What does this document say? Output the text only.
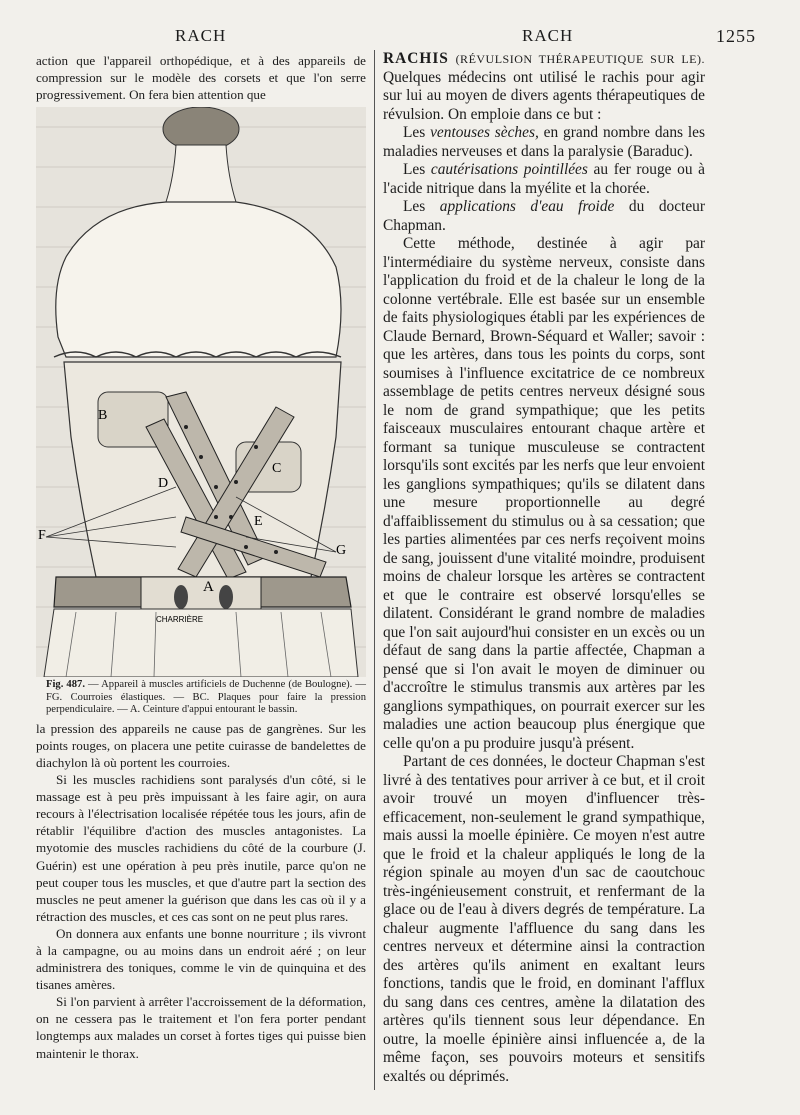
RACH	RACH	1255

action que l'appareil orthopédique, et à des appareils de compression sur le modèle des corsets et que l'on serre progressivement. On fera bien attention que

B
C
D
E
F
G
A
CHARRIÈRE
Fig. 487. — Appareil à muscles artificiels de Duchenne (de Boulogne). — FG. Courroies élastiques. — BC. Plaques pour faire la pression perpendiculaire. — A. Ceinture d'appui entourant le bassin.

la pression des appareils ne cause pas de gangrènes. Sur les points rouges, on placera une petite cuirasse de bandelettes de diachylon là où portent les courroies.

Si les muscles rachidiens sont paralysés d'un côté, si le massage est à peu près impuissant à les faire agir, on aura recours à l'électrisation localisée répétée tous les jours, afin de rétablir l'équilibre d'action des muscles antagonistes. La myotomie des muscles rachidiens du côté de la courbure (J. Guérin) est une opération à peu près inutile, parce qu'on ne peut couper tous les muscles, et que d'autre part la section des muscles ne peut amener la guérison que dans les cas où il y a rétraction des muscles, et ces cas sont on ne peut plus rares.

On donnera aux enfants une bonne nourriture ; ils vivront à la campagne, ou au moins dans un endroit aéré ; on leur administrera des toniques, comme le vin de quinquina et des tisanes amères.

Si l'on parvient à arrêter l'accroissement de la déformation, on ne cessera pas le traitement et l'on fera porter pendant longtemps aux malades un corset à fortes tiges qui puisse bien maintenir le thorax.

RACHIS (RÉVULSION THÉRAPEUTIQUE SUR LE). Quelques médecins ont utilisé le rachis pour agir sur lui au moyen de divers agents thérapeutiques de révulsion. On emploie dans ce but :

Les ventouses sèches, en grand nombre dans les maladies nerveuses et dans la paralysie (Baraduc).

Les cautérisations pointillées au fer rouge ou à l'acide nitrique dans la myélite et la chorée.

Les applications d'eau froide du docteur Chapman.

Cette méthode, destinée à agir par l'intermédiaire du système nerveux, consiste dans l'application du froid et de la chaleur le long de la colonne vertébrale. Elle est basée sur un ensemble de faits physiologiques établi par les expériences de Claude Bernard, Brown-Séquard et Waller; savoir : que les artères, dans tous les points du corps, sont soumises à l'influence excitatrice de ce nombreux assemblage de petits centres nerveux désigné sous le nom de grand sympathique; que les petits faisceaux musculaires entourant chaque artère et formant sa tunique musculeuse se contractent lorsqu'ils sont excités par les nerfs que leur envoient les ganglions sympathiques; qu'ils se dilatent dans une mesure proportionnelle au degré d'affaiblissement du stimulus ou à sa cessation; que les parties alimentées par ces nerfs reçoivent moins de sang, jouissent d'une vitalité moindre, produisent moins de chaleur lorsque les artères se contractent et que le contraire est observé lorsqu'elles se dilatent. Considérant le grand nombre de maladies que l'on sait aujourd'hui consister en un excès ou un défaut de sang dans la partie affectée, Chapman a pensé que si l'on avait le moyen de diminuer ou d'accroître le stimulus transmis aux artères par les ganglions sympathiques, on pourrait exercer sur les maladies une action beaucoup plus énergique que celle qu'on a pu produire jusqu'à présent.

Partant de ces données, le docteur Chapman s'est livré à des tentatives pour arriver à ce but, et il croit avoir trouvé un moyen d'influencer très-efficacement, non-seulement le grand sympathique, mais aussi la moelle épinière. Ce moyen n'est autre que le froid et la chaleur appliqués le long de la région spinale au moyen d'un sac de caoutchouc très-ingénieusement construit, et renfermant de la glace ou de l'eau à divers degrés de température. La chaleur augmente l'affluence du sang dans les centres nerveux et détermine ainsi la contraction des artères qu'ils animent en exaltant leurs fonctions, tandis que le froid, en dominant l'afflux du sang dans ces centres, amène la dilatation des artères qu'ils tiennent sous leur dépendance. En outre, la moelle épinière ainsi influencée a, de la même façon, ses pouvoirs moteurs et sensitifs exaltés ou déprimés.
